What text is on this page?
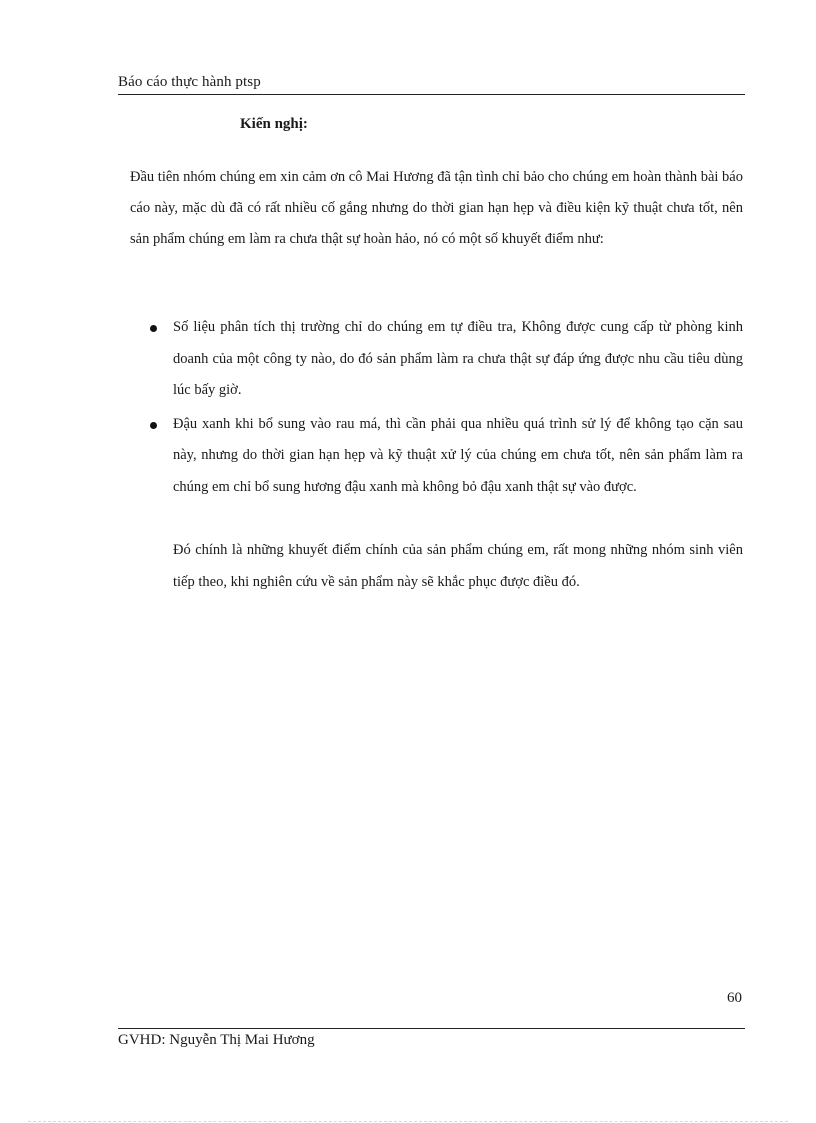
Báo cáo thực hành ptsp
Kiến nghị:
Đầu tiên nhóm chúng em xin cảm ơn cô Mai Hương đã tận tình chỉ bảo cho chúng em hoàn thành bài báo cáo này, mặc dù đã có rất nhiều cố gắng nhưng do thời gian hạn hẹp và điều kiện kỹ thuật chưa tốt, nên sản phẩm chúng em làm ra chưa thật sự hoàn hảo, nó có một số khuyết điểm như:
Số liệu phân tích thị trường chỉ do chúng em tự điều tra, Không được cung cấp từ phòng kinh doanh của một công ty nào, do đó sản phẩm làm ra chưa thật sự đáp ứng được nhu cầu tiêu dùng lúc bấy giờ.
Đậu xanh khi bổ sung vào rau má, thì cần phải qua nhiều quá trình sử lý để không tạo cặn sau này, nhưng do thời gian hạn hẹp và kỹ thuật xử lý của chúng em chưa tốt, nên sản phẩm làm ra chúng em chỉ bổ sung hương đậu xanh mà không bỏ đậu xanh thật sự vào được.
Đó chính là những khuyết điểm chính của sản phẩm chúng em, rất mong những nhóm sinh viên tiếp theo, khi nghiên cứu về sản phẩm này sẽ khắc phục được điều đó.
60
GVHD: Nguyễn Thị Mai Hương
